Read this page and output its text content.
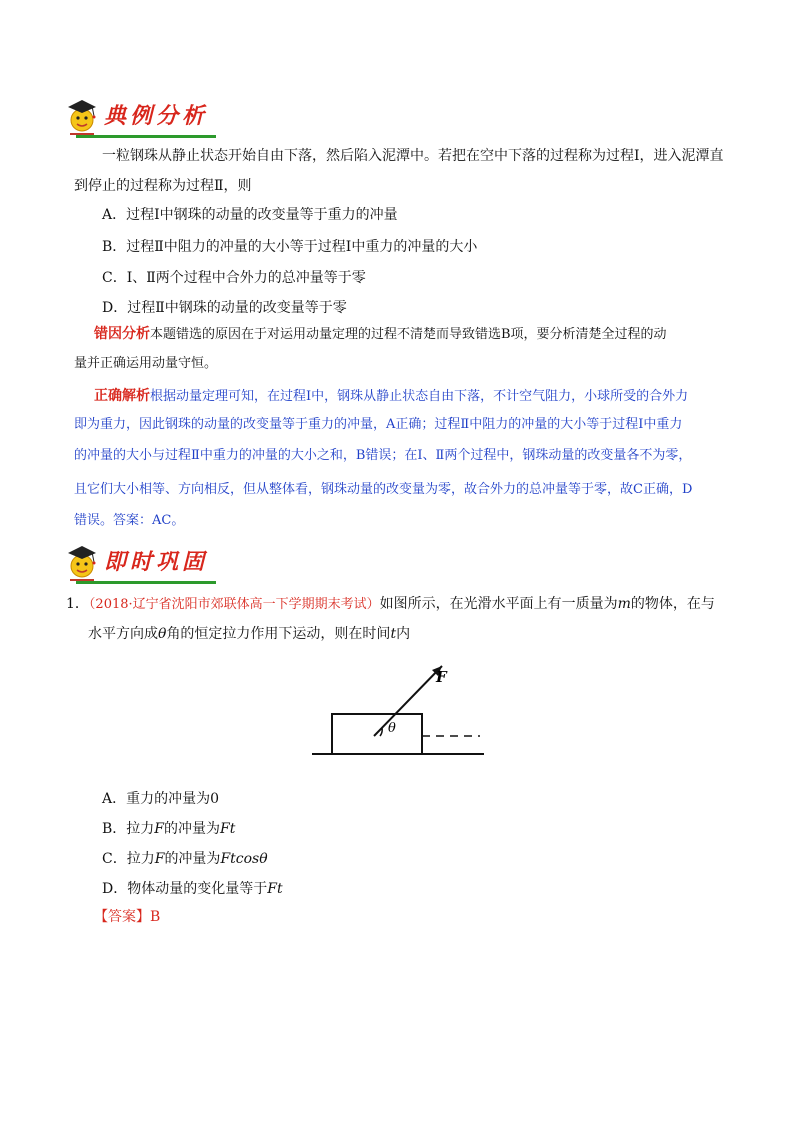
典例分析
一粒钢珠从静止状态开始自由下落，然后陷入泥潭中。若把在空中下落的过程称为过程Ⅰ，进入泥潭直
到停止的过程称为过程Ⅱ，则
A．过程Ⅰ中钢珠的动量的改变量等于重力的冲量
B．过程Ⅱ中阻力的冲量的大小等于过程Ⅰ中重力的冲量的大小
C．Ⅰ、Ⅱ两个过程中合外力的总冲量等于零
D．过程Ⅱ中钢珠的动量的改变量等于零
错因分析本题错选的原因在于对运用动量定理的过程不清楚而导致错选B项，要分析清楚全过程的动
量并正确运用动量守恒。
正确解析根据动量定理可知，在过程Ⅰ中，钢珠从静止状态自由下落，不计空气阻力，小球所受的合外力
即为重力，因此钢珠的动量的改变量等于重力的冲量，A正确；过程Ⅱ中阻力的冲量的大小等于过程Ⅰ中重力
的冲量的大小与过程Ⅱ中重力的冲量的大小之和，B错误；在Ⅰ、Ⅱ两个过程中，钢珠动量的改变量各不为零，
且它们大小相等、方向相反，但从整体看，钢珠动量的改变量为零，故合外力的总冲量等于零，故C正确，D
错误。答案：AC。
即时巩固
1．（2018·辽宁省沈阳市郊联体高一下学期期末考试）如图所示，在光滑水平面上有一质量为m的物体，在与
水平方向成θ角的恒定拉力作用下运动，则在时间t内
F
θ
A．重力的冲量为0
B．拉力F的冲量为Ft
C．拉力F的冲量为Ftcosθ
D．物体动量的变化量等于Ft
【答案】B
